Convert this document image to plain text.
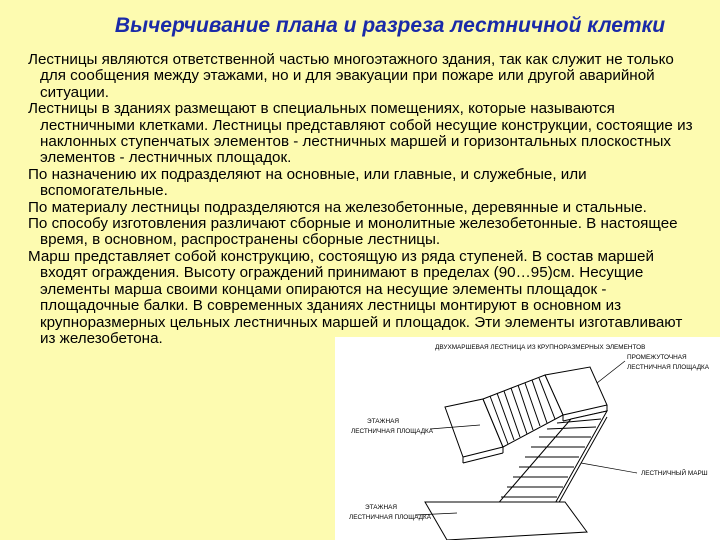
Вычерчивание плана и разреза лестничной клетки

Лестницы являются ответственной частью многоэтажного здания, так как служит не только для сообщения между этажами, но и для эвакуации при пожаре или другой аварийной ситуации.

Лестницы в зданиях размещают в специальных помещениях, которые называются лестничными клетками. Лестницы представляют собой несущие конструкции, состоящие из наклонных ступенчатых элементов - лестничных маршей и горизонтальных плоскостных элементов - лестничных площадок.

По назначению их подразделяют на основные, или главные, и служебные, или вспомогательные.

По материалу лестницы подразделяются на железобетонные, деревянные и стальные.

По способу изготовления различают сборные и монолитные железобетонные. В настоящее время, в основном, распространены сборные лестницы.

Марш представляет собой конструкцию, состоящую из ряда ступеней. В состав маршей входят ограждения. Высоту ограждений принимают в пределах (90…95)см. Несущие элементы марша своими концами опираются на несущие элементы площадок - площадочные балки. В современных зданиях лестницы монтируют в основном из крупноразмерных цельных лестничных маршей и площадок. Эти элементы изготавливают из железобетона.

ДВУХМАРШЕВАЯ ЛЕСТНИЦА ИЗ КРУПНОРАЗМЕРНЫХ ЭЛЕМЕНТОВ
ПРОМЕЖУТОЧНАЯ
ЛЕСТНИЧНАЯ ПЛОЩАДКА
ЭТАЖНАЯ
ЛЕСТНИЧНАЯ ПЛОЩАДКА
ЛЕСТНИЧНЫЙ МАРШ
ЭТАЖНАЯ
ЛЕСТНИЧНАЯ ПЛОЩАДКА
